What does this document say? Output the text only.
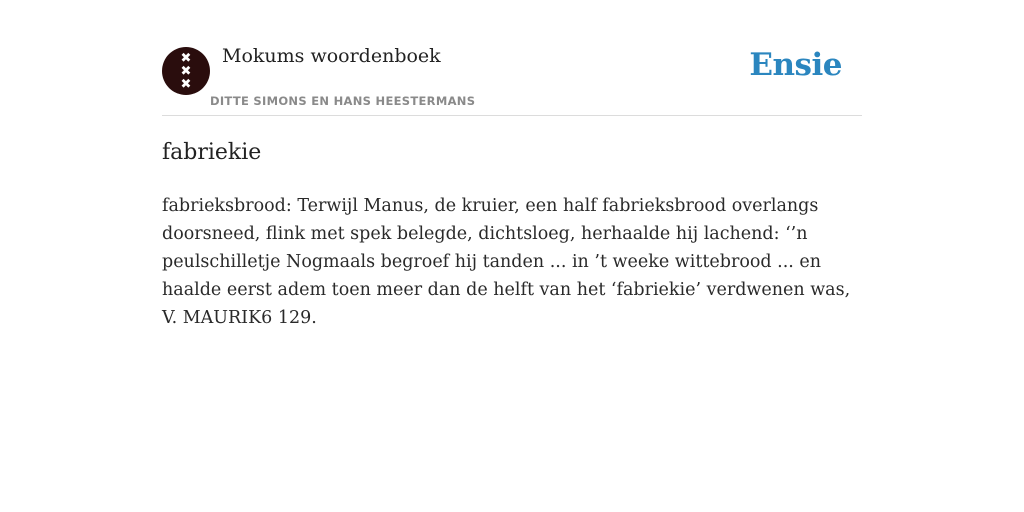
✖
✖
✖
Mokums woordenboek
DITTE SIMONS EN HANS HEESTERMANS
Ensie
fabriekie

fabrieksbrood: Terwijl Manus, de kruier, een half fabrieksbrood overlangs doorsneed, flink met spek belegde, dichtsloeg, herhaalde hij lachend: ‘’n peulschilletje Nogmaals begroef hij tanden ... in ’t weeke wittebrood ... en haalde eerst adem toen meer dan de helft van het ‘fabriekie’ verdwenen was, V. MAURIK6 129.
